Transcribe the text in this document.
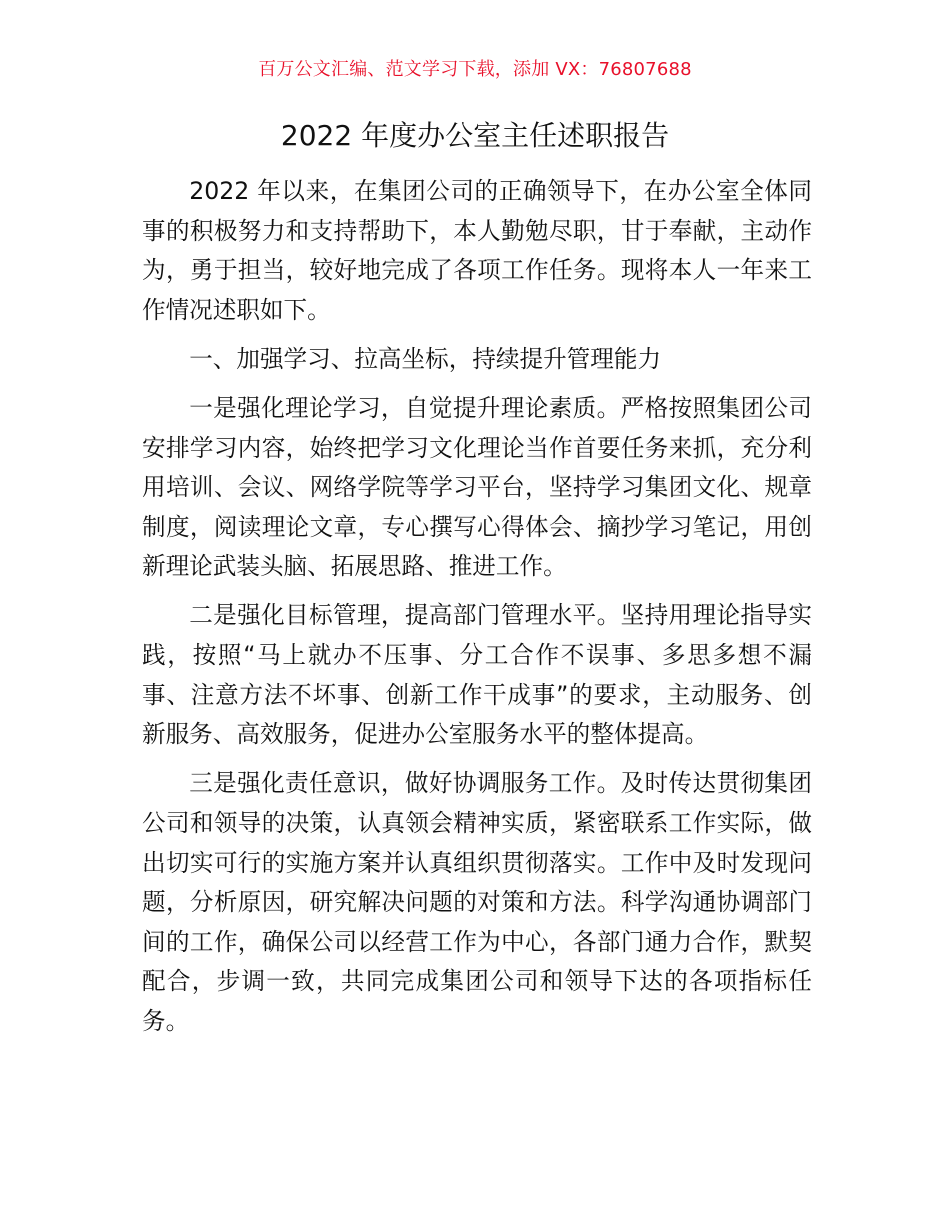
百万公文汇编、范文学习下载，添加 VX：76807688
2022 年度办公室主任述职报告

2022 年以来，在集团公司的正确领导下，在办公室全体同事的积极努力和支持帮助下，本人勤勉尽职，甘于奉献，主动作为，勇于担当，较好地完成了各项工作任务。现将本人一年来工作情况述职如下。

一、加强学习、拉高坐标，持续提升管理能力

一是强化理论学习，自觉提升理论素质。严格按照集团公司安排学习内容，始终把学习文化理论当作首要任务来抓，充分利用培训、会议、网络学院等学习平台，坚持学习集团文化、规章制度，阅读理论文章，专心撰写心得体会、摘抄学习笔记，用创新理论武装头脑、拓展思路、推进工作。

二是强化目标管理，提高部门管理水平。坚持用理论指导实践，按照“马上就办不压事、分工合作不误事、多思多想不漏事、注意方法不坏事、创新工作干成事”的要求，主动服务、创新服务、高效服务，促进办公室服务水平的整体提高。

三是强化责任意识，做好协调服务工作。及时传达贯彻集团公司和领导的决策，认真领会精神实质，紧密联系工作实际，做出切实可行的实施方案并认真组织贯彻落实。工作中及时发现问题，分析原因，研究解决问题的对策和方法。科学沟通协调部门间的工作，确保公司以经营工作为中心，各部门通力合作，默契配合，步调一致，共同完成集团公司和领导下达的各项指标任务。
